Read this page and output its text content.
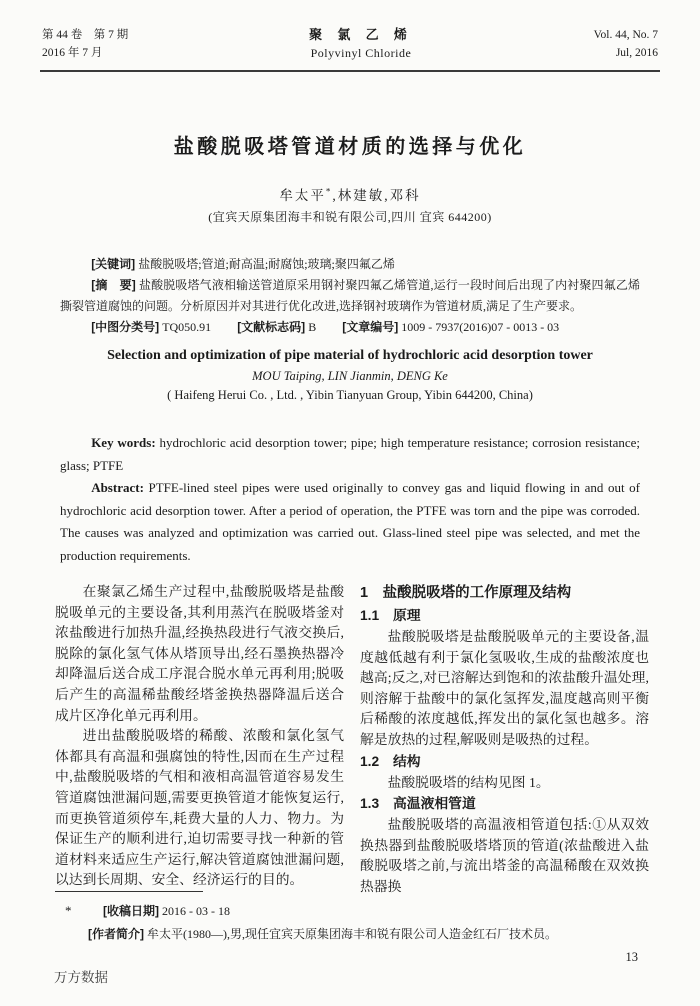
第 44 卷　第 7 期
2016 年 7 月
聚 氯 乙 烯
Polyvinyl Chloride
Vol. 44, No. 7
Jul, 2016
盐酸脱吸塔管道材质的选择与优化
牟太平*,林建敏,邓科
(宜宾天原集团海丰和锐有限公司,四川 宜宾 644200)

[关键词] 盐酸脱吸塔;管道;耐高温;耐腐蚀;玻璃;聚四氟乙烯

[摘　要] 盐酸脱吸塔气液相输送管道原采用钢衬聚四氟乙烯管道,运行一段时间后出现了内衬聚四氟乙烯撕裂管道腐蚀的问题。分析原因并对其进行优化改进,选择钢衬玻璃作为管道材质,满足了生产要求。

[中图分类号] TQ050.91 [文献标志码] B [文章编号] 1009 - 7937(2016)07 - 0013 - 03

Selection and optimization of pipe material of hydrochloric acid desorption tower
MOU Taiping, LIN Jianmin, DENG Ke
( Haifeng Herui Co. , Ltd. , Yibin Tianyuan Group, Yibin 644200, China)

Key words: hydrochloric acid desorption tower; pipe; high temperature resistance; corrosion resistance; glass; PTFE

Abstract: PTFE-lined steel pipes were used originally to convey gas and liquid flowing in and out of hydrochloric acid desorption tower. After a period of operation, the PTFE was torn and the pipe was corroded. The causes was analyzed and optimization was carried out. Glass-lined steel pipe was selected, and met the production requirements.

在聚氯乙烯生产过程中,盐酸脱吸塔是盐酸脱吸单元的主要设备,其利用蒸汽在脱吸塔釜对浓盐酸进行加热升温,经换热段进行气液交换后,脱除的氯化氢气体从塔顶导出,经石墨换热器冷却降温后送合成工序混合脱水单元再利用;脱吸后产生的高温稀盐酸经塔釜换热器降温后送合成片区净化单元再利用。

进出盐酸脱吸塔的稀酸、浓酸和氯化氢气体都具有高温和强腐蚀的特性,因而在生产过程中,盐酸脱吸塔的气相和液相高温管道容易发生管道腐蚀泄漏问题,需要更换管道才能恢复运行,而更换管道须停车,耗费大量的人力、物力。为保证生产的顺利进行,迫切需要寻找一种新的管道材料来适应生产运行,解决管道腐蚀泄漏问题,以达到长周期、安全、经济运行的目的。

1　盐酸脱吸塔的工作原理及结构
1.1　原理

盐酸脱吸塔是盐酸脱吸单元的主要设备,温度越低越有利于氯化氢吸收,生成的盐酸浓度也越高;反之,对已溶解达到饱和的浓盐酸升温处理,则溶解于盐酸中的氯化氢挥发,温度越高则平衡后稀酸的浓度越低,挥发出的氯化氢也越多。溶解是放热的过程,解吸则是吸热的过程。

1.2　结构

盐酸脱吸塔的结构见图 1。

1.3　高温液相管道

盐酸脱吸塔的高温液相管道包括:①从双效换热器到盐酸脱吸塔塔顶的管道(浓盐酸进入盐酸脱吸塔之前,与流出塔釜的高温稀酸在双效换热器换

*	[收稿日期] 2016 - 03 - 18

[作者简介] 牟太平(1980—),男,现任宜宾天原集团海丰和锐有限公司人造金红石厂技术员。

13
万方数据
